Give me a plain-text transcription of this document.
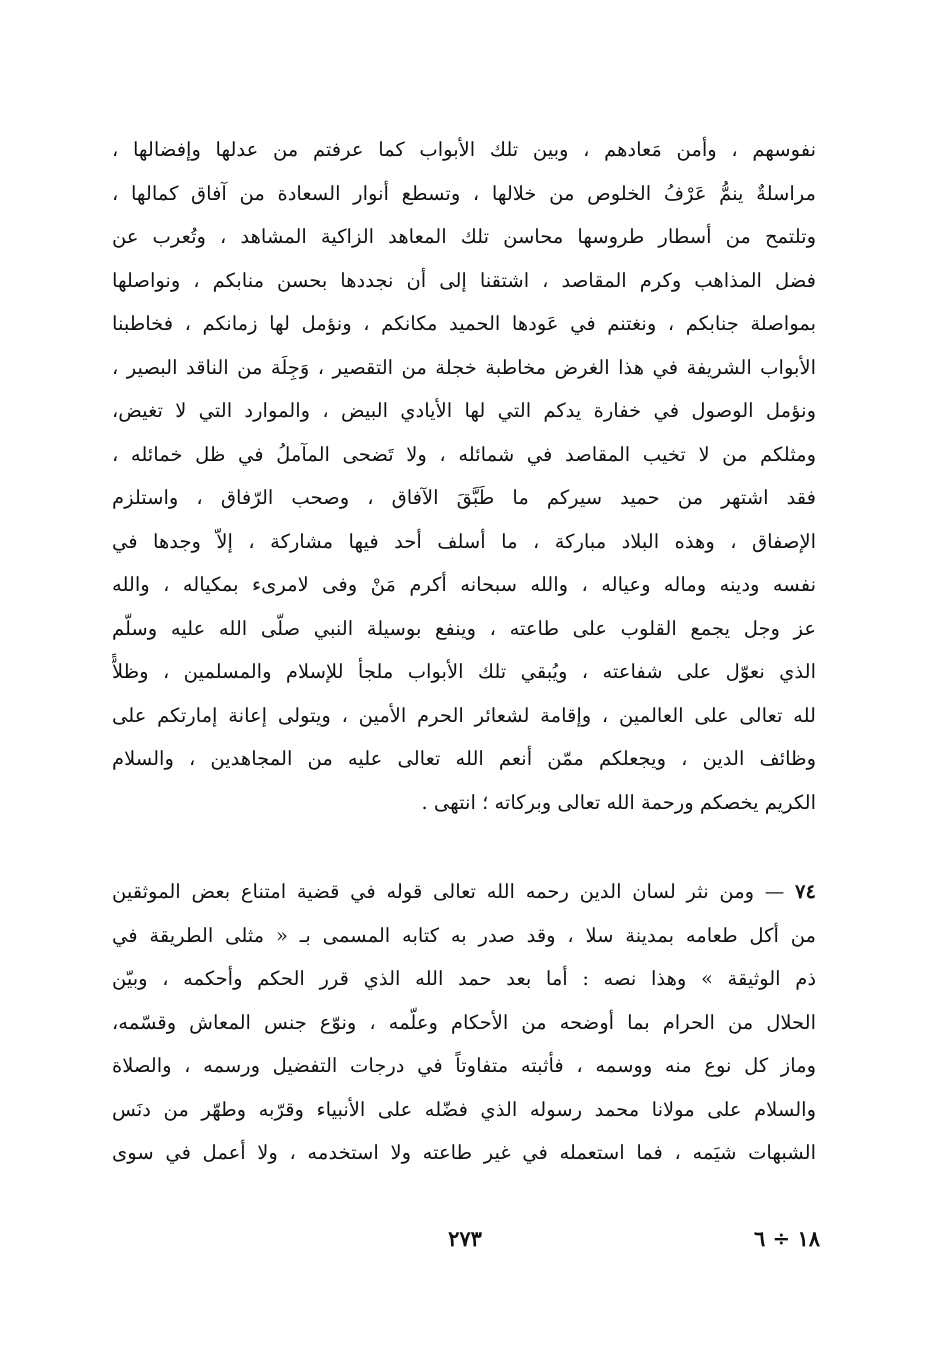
نفوسهم ، وأمن مَعادهم ، وبين تلك الأبواب كما عرفتم من عدلها وإفضالها ،
مراسلةٌ ينمُّ عَرْفُ الخلوص من خلالها ، وتسطع أنوار السعادة من آفاق كمالها ،
وتلتمح من أسطار طروسها محاسن تلك المعاهد الزاكية المشاهد ، وتُعرب عن
فضل المذاهب وكرم المقاصد ، اشتقنا إلى أن نجددها بحسن منابكم ، ونواصلها
بمواصلة جنابكم ، ونغتنم في عَودها الحميد مكانكم ، ونؤمل لها زمانكم ، فخاطبنا
الأبواب الشريفة في هذا الغرض مخاطبة خجلة من التقصير ، وَجِلَة من الناقد البصير ،
ونؤمل الوصول في خفارة يدكم التي لها الأيادي البيض ، والموارد التي لا تغيض،
ومثلكم من لا تخيب المقاصد في شمائله ، ولا تَضحى المآملُ في ظل خمائله ،
فقد اشتهر من حميد سيركم ما طَبَّقَ الآفاق ، وصحب الرّفاق ، واستلزم
الإصفاق ، وهذه البلاد مباركة ، ما أسلف أحد فيها مشاركة ، إلاّ وجدها في
نفسه ودينه وماله وعياله ، والله سبحانه أكرم مَنْ وفى لامرىء بمكياله ، والله
عز وجل يجمع القلوب على طاعته ، وينفع بوسيلة النبي صلّى الله عليه وسلّم
الذي نعوّل على شفاعته ، ويُبقي تلك الأبواب ملجأ للإسلام والمسلمين ، وظلاًّ
لله تعالى على العالمين ، وإقامة لشعائر الحرم الأمين ، ويتولى إعانة إمارتكم على
وظائف الدين ، ويجعلكم ممّن أنعم الله تعالى عليه من المجاهدين ، والسلام
الكريم يخصكم ورحمة الله تعالى وبركاته ؛ انتهى .
٧٤ — ومن نثر لسان الدين رحمه الله تعالى قوله في قضية امتناع بعض الموثقين
من أكل طعامه بمدينة سلا ، وقد صدر به كتابه المسمى بـ « مثلى الطريقة في
ذم الوثيقة » وهذا نصه : أما بعد حمد الله الذي قرر الحكم وأحكمه ، وبيّن
الحلال من الحرام بما أوضحه من الأحكام وعلّمه ، ونوّع جنس المعاش وقسّمه،
وماز كل نوع منه ووسمه ، فأثبته متفاوتاً في درجات التفضيل ورسمه ، والصلاة
والسلام على مولانا محمد رسوله الذي فضّله على الأنبياء وقرّبه وطهّر من دنَس
الشبهات شيَمه ، فما استعمله في غير طاعته ولا استخدمه ، ولا أعمل في سوى
٢٧٣	١٨ ÷ ٦
